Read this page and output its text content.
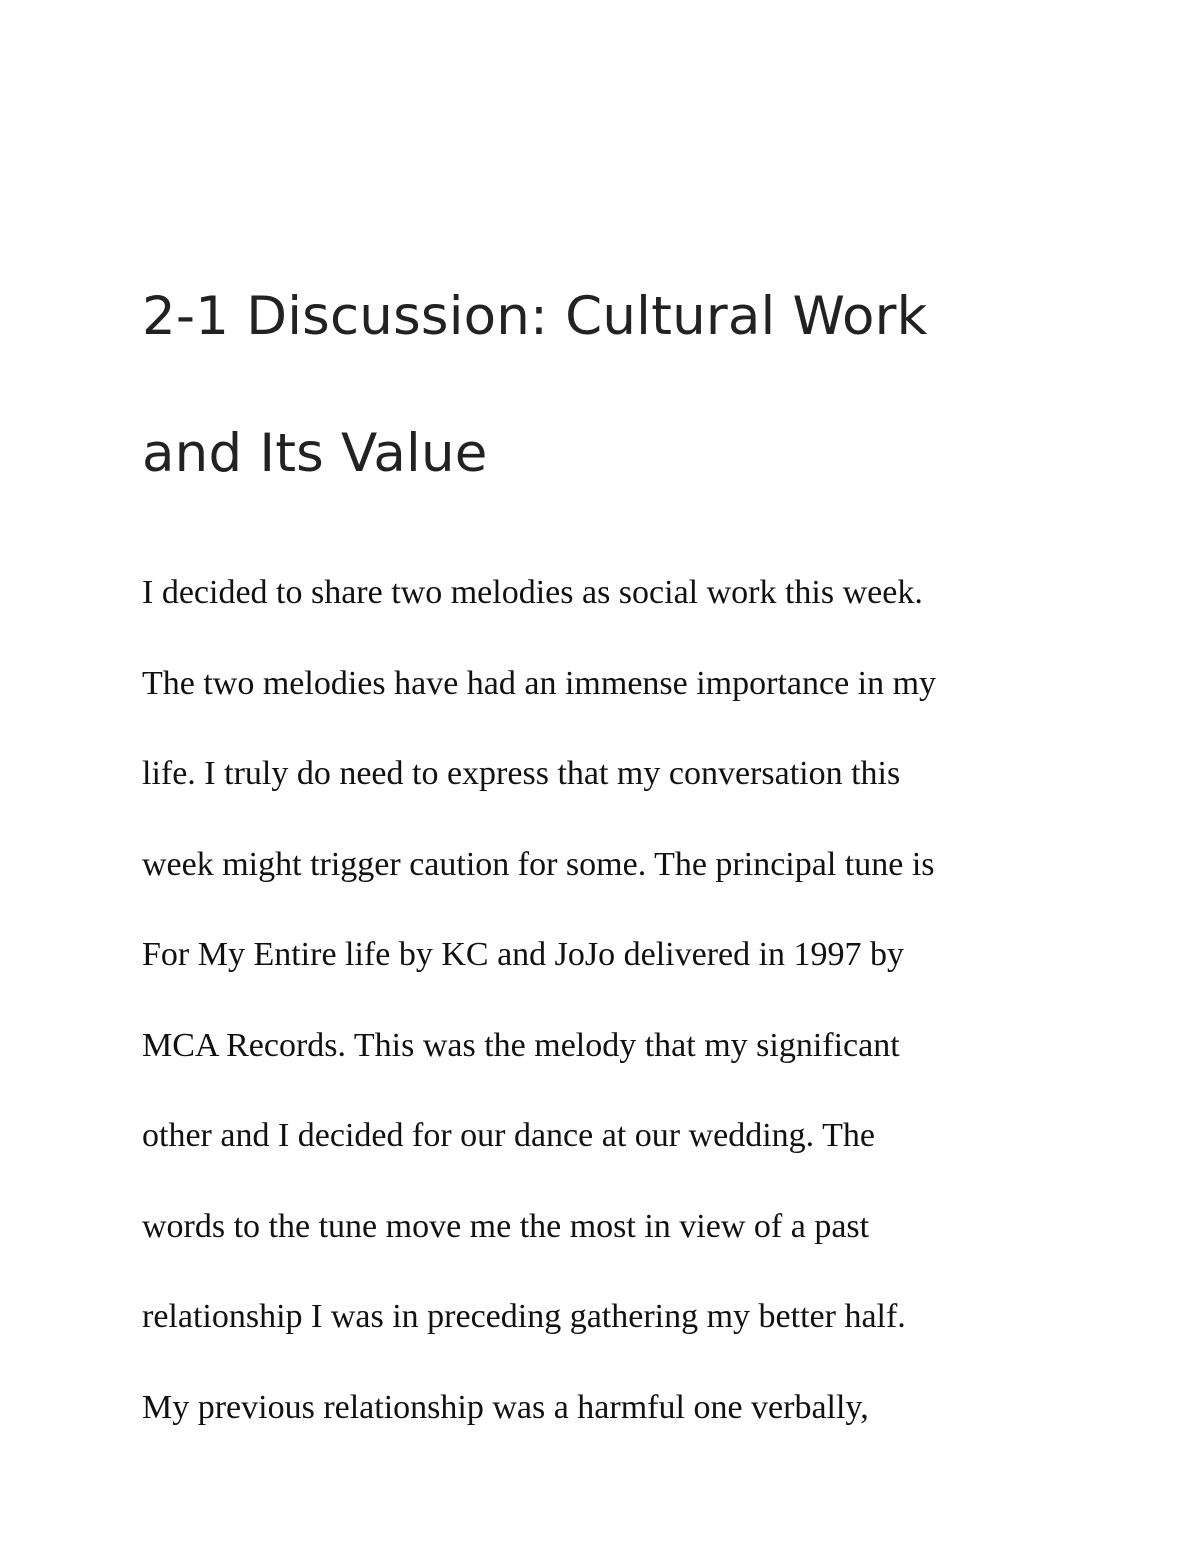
2-1 Discussion: Cultural Work
and Its Value

I decided to share two melodies as social work this week.
The two melodies have had an immense importance in my
life. I truly do need to express that my conversation this
week might trigger caution for some. The principal tune is
For My Entire life by KC and JoJo delivered in 1997 by
MCA Records. This was the melody that my significant
other and I decided for our dance at our wedding. The
words to the tune move me the most in view of a past
relationship I was in preceding gathering my better half.
My previous relationship was a harmful one verbally,
